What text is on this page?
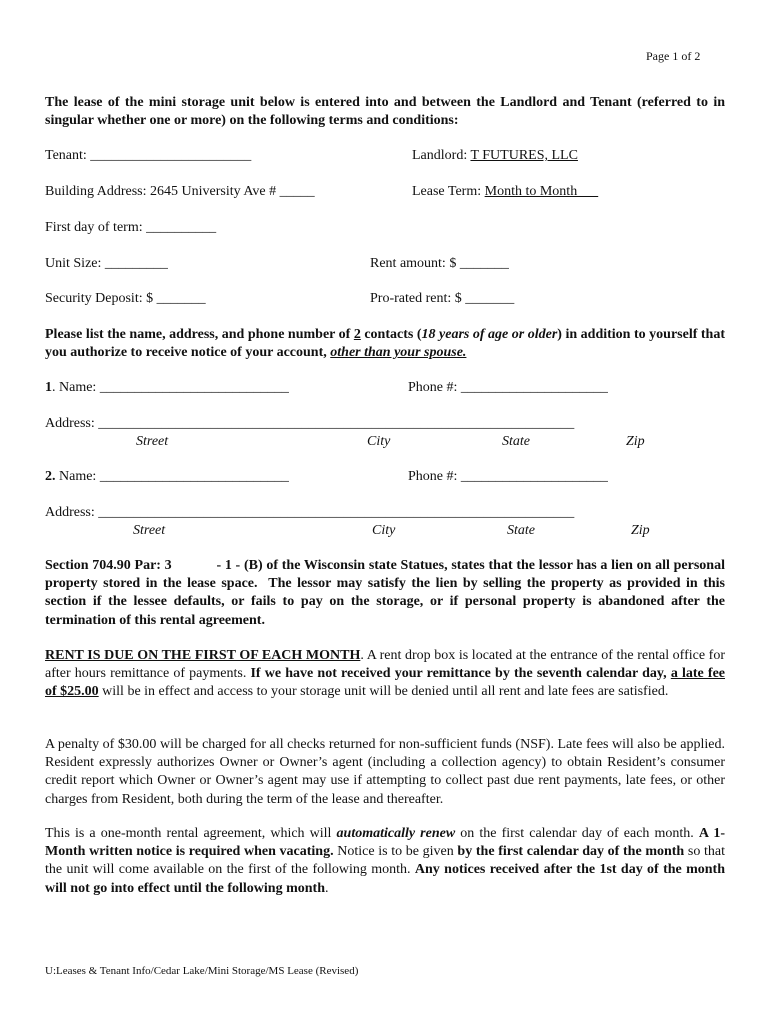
Page 1 of 2
The lease of the mini storage unit below is entered into and between the Landlord and Tenant (referred to in singular whether one or more) on the following terms and conditions:
Tenant: _______________________	Landlord: T FUTURES, LLC
Building Address: 2645 University Ave # _____	Lease Term: Month to Month
First day of term: __________
Unit Size: _________	Rent amount: $ _______
Security Deposit: $ _______	Pro-rated rent: $ _______
Please list the name, address, and phone number of 2 contacts (18 years of age or older) in addition to yourself that you authorize to receive notice of your account, other than your spouse.
1. Name: ___________________________	Phone #: _____________________
Address: ____________________________________________________________________
Street	City	State	Zip
2. Name: ___________________________	Phone #: _____________________
Address: ____________________________________________________________________
Street	City	State	Zip
Section 704.90 Par: 3            - 1 - (B) of the Wisconsin state Statues, states that the lessor has a lien on all personal property stored in the lease space.  The lessor may satisfy the lien by selling the property as provided in this section if the lessee defaults, or fails to pay on the storage, or if personal property is abandoned after the termination of this rental agreement.
RENT IS DUE ON THE FIRST OF EACH MONTH. A rent drop box is located at the entrance of the rental office for after hours remittance of payments. If we have not received your remittance by the seventh calendar day, a late fee of $25.00 will be in effect and access to your storage unit will be denied until all rent and late fees are satisfied.
A penalty of $30.00 will be charged for all checks returned for non-sufficient funds (NSF). Late fees will also be applied. Resident expressly authorizes Owner or Owner’s agent (including a collection agency) to obtain Resident’s consumer credit report which Owner or Owner’s agent may use if attempting to collect past due rent payments, late fees, or other charges from Resident, both during the term of the lease and thereafter.
This is a one-month rental agreement, which will automatically renew on the first calendar day of each month. A 1-Month written notice is required when vacating. Notice is to be given by the first calendar day of the month so that the unit will come available on the first of the following month. Any notices received after the 1st day of the month will not go into effect until the following month.
U:Leases & Tenant Info/Cedar Lake/Mini Storage/MS Lease (Revised)
